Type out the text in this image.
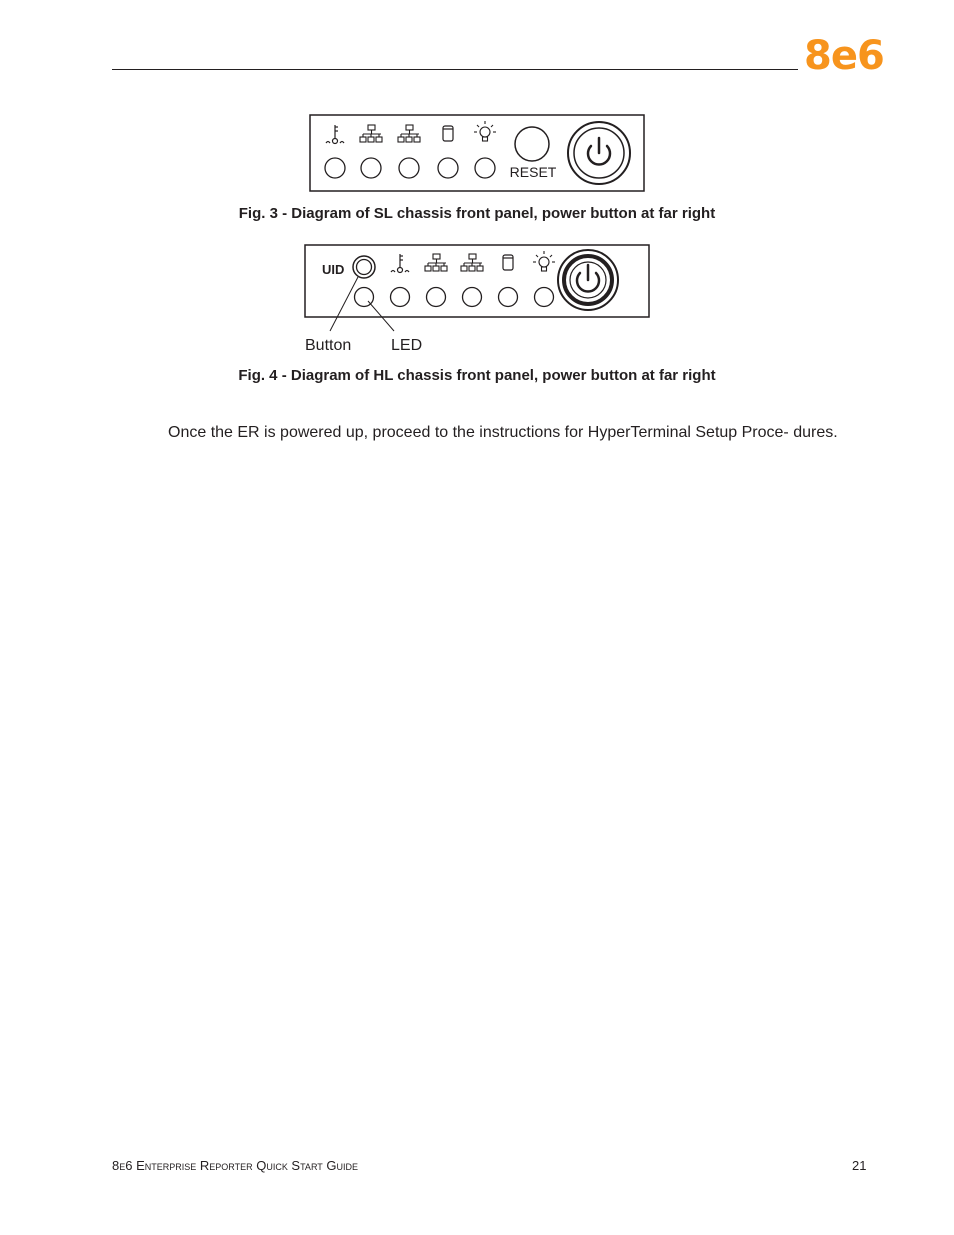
8e6
RESET
Fig. 3 - Diagram of SL chassis front panel, power button at far right
UID
Button LED
Fig. 4 - Diagram of HL chassis front panel, power button at far right
Once the ER is powered up, proceed to the instructions for HyperTerminal Setup Proce- dures.
8e6 Enterprise Reporter Quick Start Guide	21
